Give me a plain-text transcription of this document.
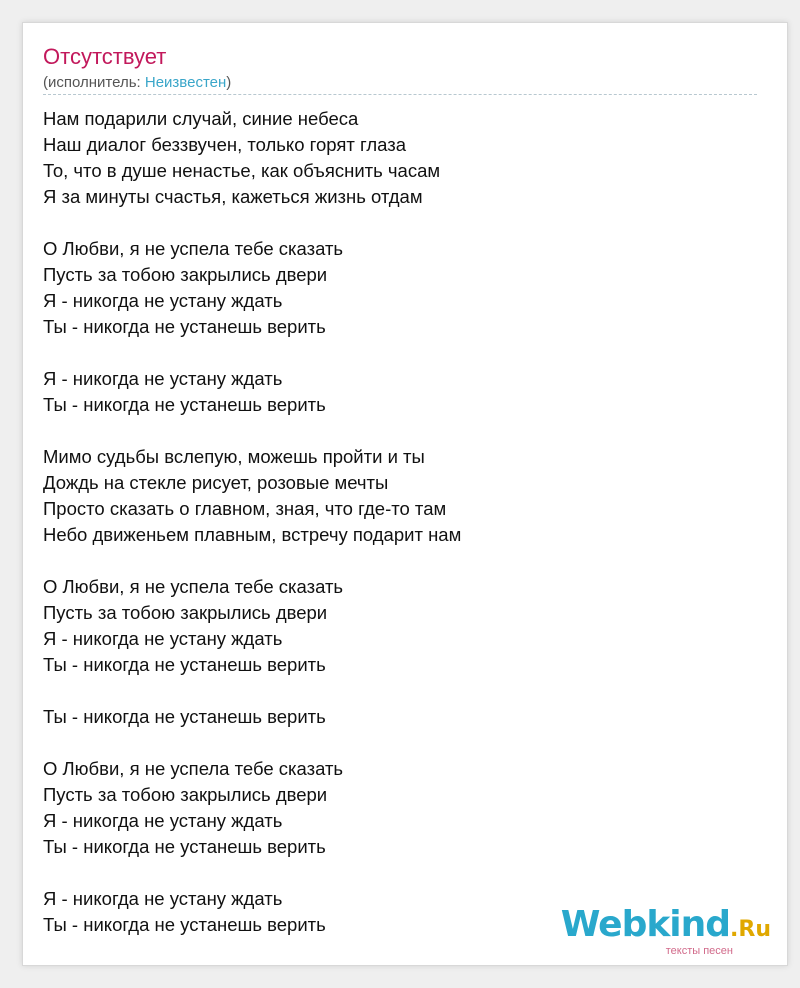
Отсутствует
(исполнитель: Неизвестен)
Нам подарили случай, синие небеса
Наш диалог беззвучен, только горят глаза
То, что в душе ненастье, как объяснить часам
Я за минуты счастья, кажеться жизнь отдам
О Любви, я не успела тебе сказать
Пусть за тобою закрылись двери
Я - никогда не устану ждать
Ты - никогда не устанешь верить
Я - никогда не устану ждать
Ты - никогда не устанешь верить
Мимо судьбы вслепую, можешь пройти и ты
Дождь на стекле рисует, розовые мечты
Просто сказать о главном, зная, что где-то там
Небо движеньем плавным, встречу подарит нам
О Любви, я не успела тебе сказать
Пусть за тобою закрылись двери
Я - никогда не устану ждать
Ты - никогда не устанешь верить
Ты - никогда не устанешь верить
О Любви, я не успела тебе сказать
Пусть за тобою закрылись двери
Я - никогда не устану ждать
Ты - никогда не устанешь верить
Я - никогда не устану ждать
Ты - никогда не устанешь верить	Webkind.Ru
тексты песен
